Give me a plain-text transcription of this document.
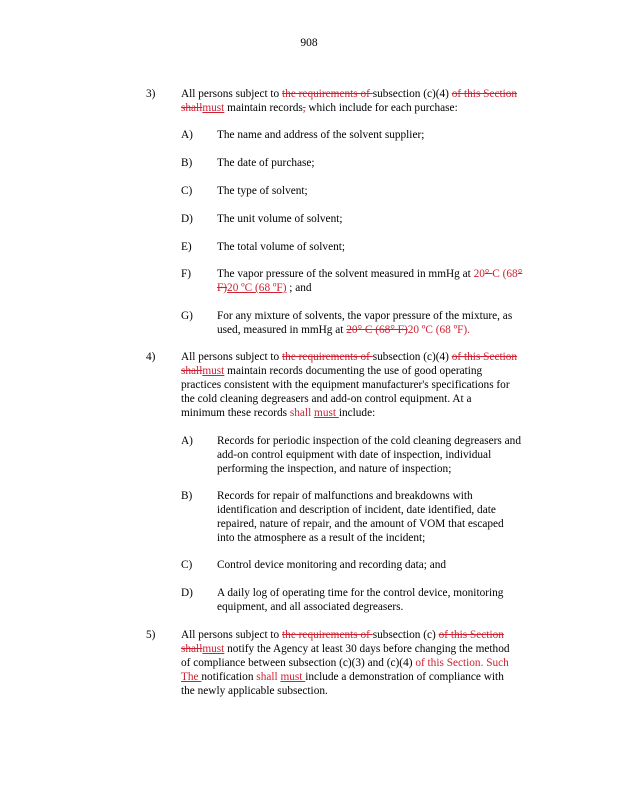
908
3) All persons subject to the requirements of subsection (c)(4) of this Section
shallmust maintain records, which include for each purchase:
A) The name and address of the solvent supplier;
B) The date of purchase;
C) The type of solvent;
D) The unit volume of solvent;
E) The total volume of solvent;
F) The vapor pressure of the solvent measured in mmHg at 20° C (68°
F)20 ºC (68 ºF) ; and
G) For any mixture of solvents, the vapor pressure of the mixture, as
used, measured in mmHg at 20° C (68° F)20 ºC (68 ºF).
4) All persons subject to the requirements of subsection (c)(4) of this Section
shallmust maintain records documenting the use of good operating
practices consistent with the equipment manufacturer's specifications for
the cold cleaning degreasers and add-on control equipment. At a
minimum these records shall must include:
A) Records for periodic inspection of the cold cleaning degreasers and
add-on control equipment with date of inspection, individual
performing the inspection, and nature of inspection;
B) Records for repair of malfunctions and breakdowns with
identification and description of incident, date identified, date
repaired, nature of repair, and the amount of VOM that escaped
into the atmosphere as a result of the incident;
C) Control device monitoring and recording data; and
D) A daily log of operating time for the control device, monitoring
equipment, and all associated degreasers.
5) All persons subject to the requirements of subsection (c) of this Section
shallmust notify the Agency at least 30 days before changing the method
of compliance between subsection (c)(3) and (c)(4) of this Section. Such
The notification shall must include a demonstration of compliance with
the newly applicable subsection.
